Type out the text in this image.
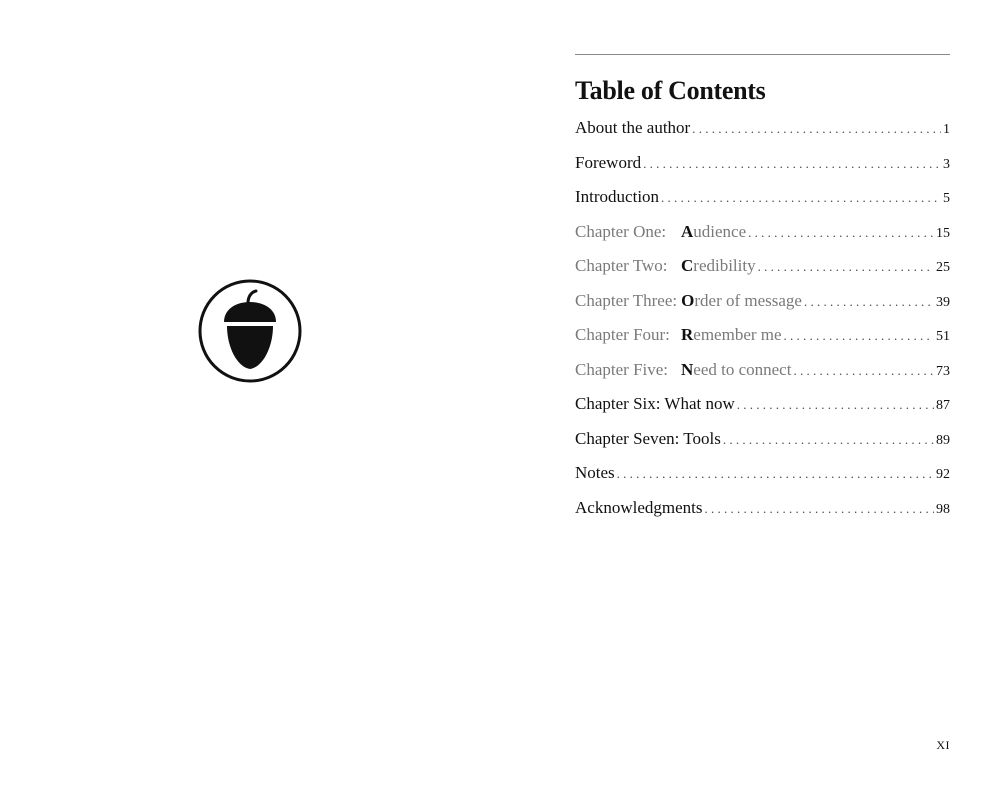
Table of Contents
About the author . . .	1
Foreword . . .	3
Introduction . . .	5
Chapter One: Audience . . .	15
Chapter Two: Credibility . . .	25
Chapter Three: Order of message . . .	39
Chapter Four: Remember me . . .	51
Chapter Five: Need to connect . . .	73
Chapter Six: What now . . .	87
Chapter Seven: Tools . . .	89
Notes . . .	92
Acknowledgments . . .	98
XI
